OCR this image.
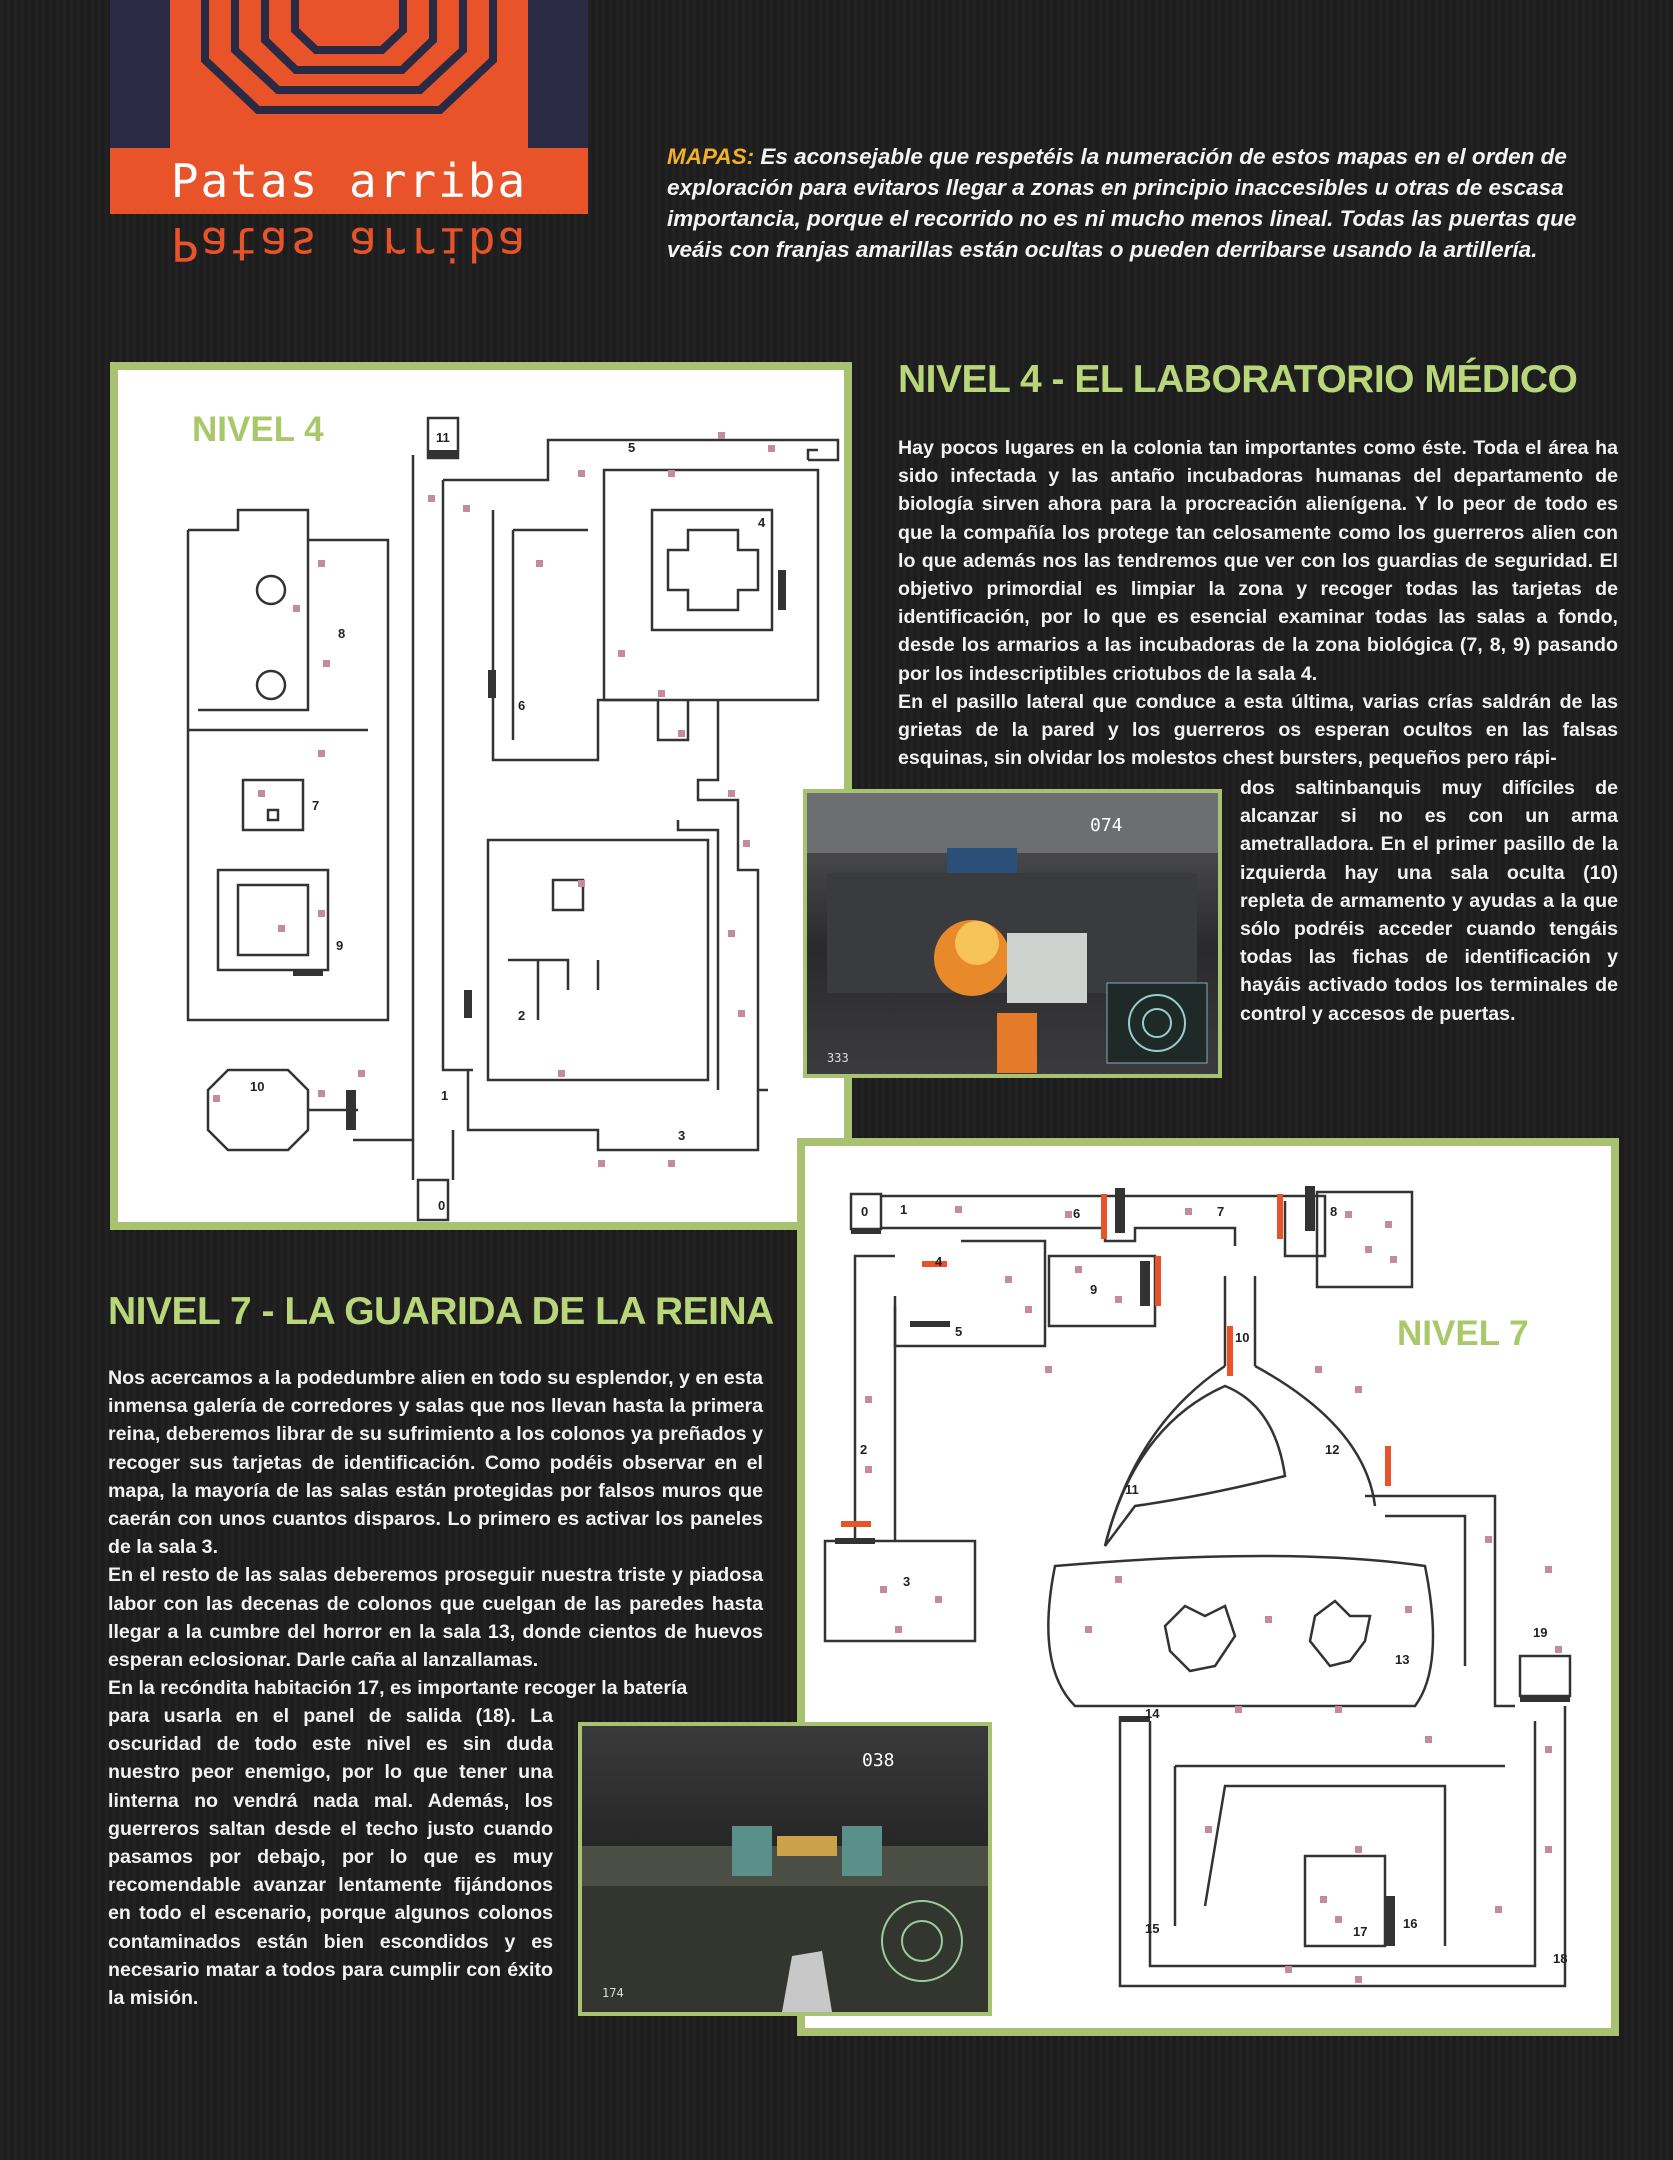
Patas arriba
Patas arriba
MAPAS: Es aconsejable que respetéis la numeración de estos mapas en el orden de exploración para evitaros llegar a zonas en principio inaccesibles u otras de escasa importancia, porque el recorrido no es ni mucho menos lineal. Todas las puertas que veáis con franjas amarillas están ocultas o pueden derribarse usando la artillería.
NIVEL 4
0
1
2
3
4
5
6
7
8
9
10
11
NIVEL 4 - EL LABORATORIO MÉDICO

Hay pocos lugares en la colonia tan importantes como éste. Toda el área ha sido infectada y las antaño incubadoras humanas del departamento de biología sirven ahora para la procreación alienígena. Y lo peor de todo es que la compañía los protege tan celosamente como los guerreros alien con lo que además nos las tendremos que ver con los guardias de seguridad. El objetivo primordial es limpiar la zona y recoger todas las tarjetas de identificación, por lo que es esencial examinar todas las salas a fondo, desde los armarios a las incubadoras de la zona biológica (7, 8, 9) pasando por los indescriptibles criotubos de la sala 4.

En el pasillo lateral que conduce a esta última, varias crías saldrán de las grietas de la pared y los guerreros os esperan ocultos en las falsas esquinas, sin olvidar los molestos chest bursters, pequeños pero rápi-

dos saltinbanquis muy difíciles de alcanzar si no es con un arma ametralladora. En el primer pasillo de la izquierda hay una sala oculta (10) repleta de armamento y ayudas a la que sólo podréis acceder cuando tengáis todas las fichas de identificación y hayáis activado todos los terminales de control y accesos de puertas.

074
333
NIVEL 7
0 1
2
3
4
5
6	7	8
9
10
11
12
13
14
15	16
17
18
19
NIVEL 7 - LA GUARIDA DE LA REINA

Nos acercamos a la podedumbre alien en todo su esplendor, y en esta inmensa galería de corredores y salas que nos llevan hasta la primera reina, deberemos librar de su sufrimiento a los colonos ya preñados y recoger sus tarjetas de identificación. Como podéis observar en el mapa, la mayoría de las salas están protegidas por falsos muros que caerán con unos cuantos disparos. Lo primero es activar los paneles de la sala 3.

En el resto de las salas deberemos proseguir nuestra triste y piadosa labor con las decenas de colonos que cuelgan de las paredes hasta llegar a la cumbre del horror en la sala 13, donde cientos de huevos esperan eclosionar. Darle caña al lanzallamas.

En la recóndita habitación 17, es importante recoger la batería

para usarla en el panel de salida (18). La oscuridad de todo este nivel es sin duda nuestro peor enemigo, por lo que tener una linterna no vendrá nada mal. Además, los guerreros saltan desde el techo justo cuando pasamos por debajo, por lo que es muy recomendable avanzar lentamente fijándonos en todo el escenario, porque algunos colonos contaminados están bien escondidos y es necesario matar a todos para cumplir con éxito la misión.

038
174
